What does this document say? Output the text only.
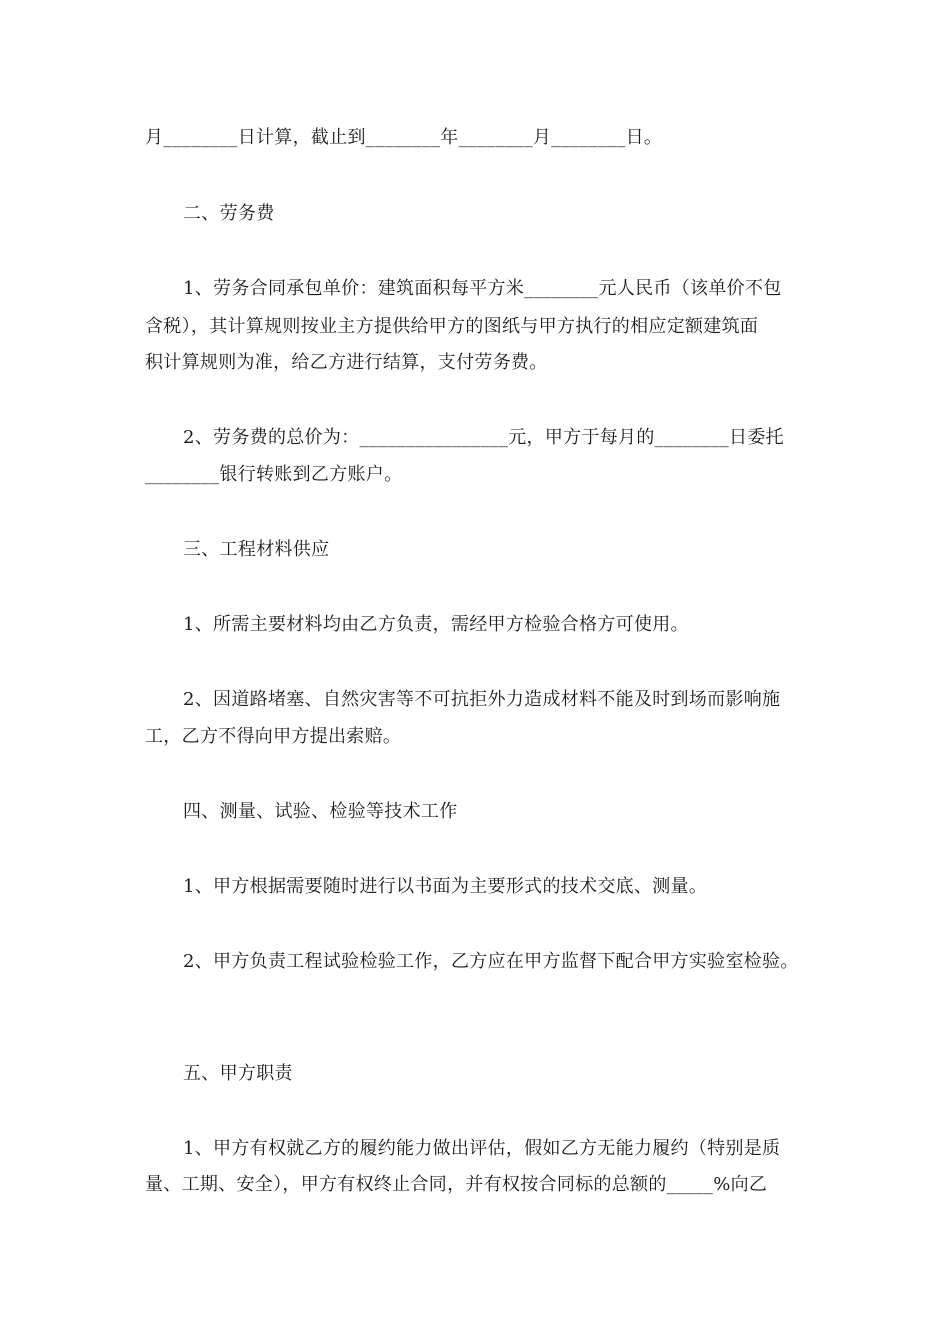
月________日计算，截止到________年________月________日。
二、劳务费
1、劳务合同承包单价：建筑面积每平方米________元人民币（该单价不包
含税），其计算规则按业主方提供给甲方的图纸与甲方执行的相应定额建筑面
积计算规则为准，给乙方进行结算，支付劳务费。
2、劳务费的总价为：________________元，甲方于每月的________日委托
________银行转账到乙方账户。
三、工程材料供应
1、所需主要材料均由乙方负责，需经甲方检验合格方可使用。
2、因道路堵塞、自然灾害等不可抗拒外力造成材料不能及时到场而影响施
工，乙方不得向甲方提出索赔。
四、测量、试验、检验等技术工作
1、甲方根据需要随时进行以书面为主要形式的技术交底、测量。
2、甲方负责工程试验检验工作，乙方应在甲方监督下配合甲方实验室检验。
五、甲方职责
1、甲方有权就乙方的履约能力做出评估，假如乙方无能力履约（特别是质
量、工期、安全），甲方有权终止合同，并有权按合同标的总额的_____%向乙
